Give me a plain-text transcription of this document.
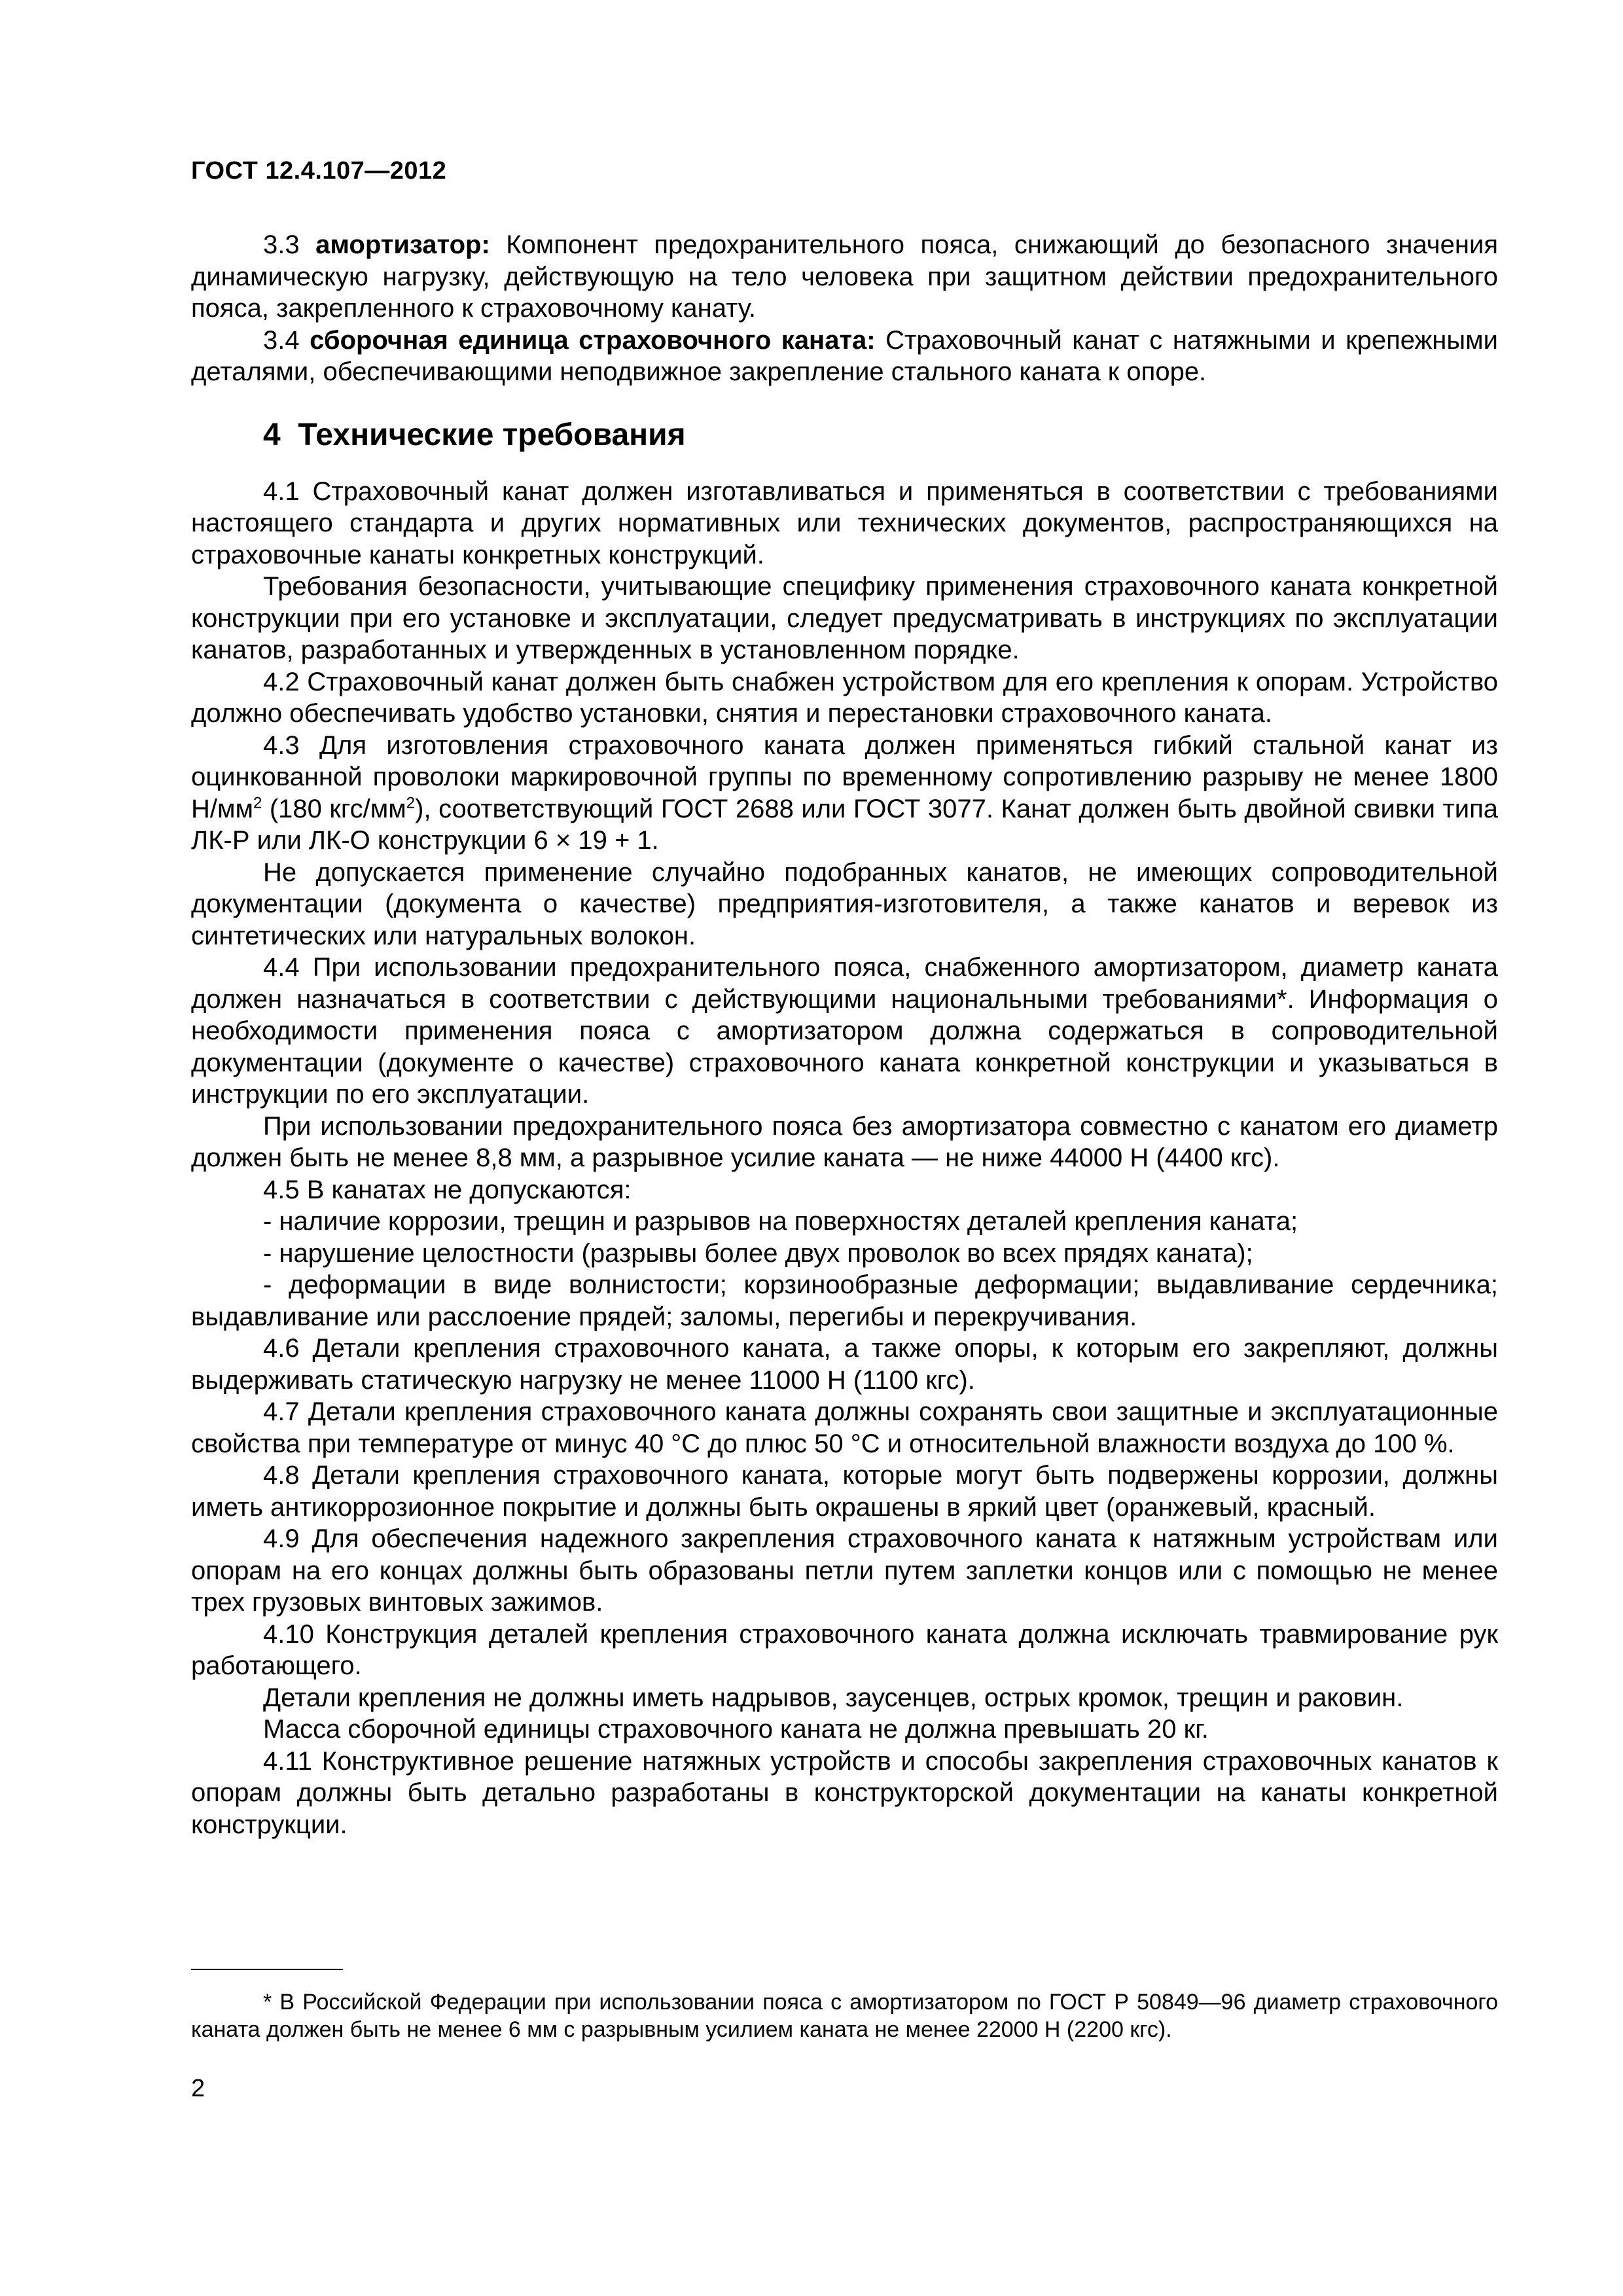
ГОСТ 12.4.107—2012

3.3 амортизатор: Компонент предохранительного пояса, снижающий до безопасного значения динамическую нагрузку, действующую на тело человека при защитном действии предохранительного пояса, закрепленного к страховочному канату.

3.4 сборочная единица страховочного каната: Страховочный канат с натяжными и крепежными деталями, обеспечивающими неподвижное закрепление стального каната к опоре.

4 Технические требования

4.1 Страховочный канат должен изготавливаться и применяться в соответствии с требованиями настоящего стандарта и других нормативных или технических документов, распространяющихся на страховочные канаты конкретных конструкций.

Требования безопасности, учитывающие специфику применения страховочного каната конкретной конструкции при его установке и эксплуатации, следует предусматривать в инструкциях по эксплуатации канатов, разработанных и утвержденных в установленном порядке.

4.2 Страховочный канат должен быть снабжен устройством для его крепления к опорам. Устройство должно обеспечивать удобство установки, снятия и перестановки страховочного каната.

4.3 Для изготовления страховочного каната должен применяться гибкий стальной канат из оцинкованной проволоки маркировочной группы по временному сопротивлению разрыву не менее 1800 $Н/мм^2$ (180 кгс/$мм^2$), соответствующий ГОСТ 2688 или ГОСТ 3077. Канат должен быть двойной свивки типа ЛК-Р или ЛК-О конструкции 6 × 19 + 1.

Не допускается применение случайно подобранных канатов, не имеющих сопроводительной документации (документа о качестве) предприятия-изготовителя, а также канатов и веревок из синтетических или натуральных волокон.

4.4 При использовании предохранительного пояса, снабженного амортизатором, диаметр каната должен назначаться в соответствии с действующими национальными требованиями*. Информация о необходимости применения пояса с амортизатором должна содержаться в сопроводительной документации (документе о качестве) страховочного каната конкретной конструкции и указываться в инструкции по его эксплуатации.

При использовании предохранительного пояса без амортизатора совместно с канатом его диаметр должен быть не менее 8,8 мм, а разрывное усилие каната — не ниже 44000 Н (4400 кгс).

4.5 В канатах не допускаются:

- наличие коррозии, трещин и разрывов на поверхностях деталей крепления каната;

- нарушение целостности (разрывы более двух проволок во всех прядях каната);

- деформации в виде волнистости; корзинообразные деформации; выдавливание сердечника; выдавливание или расслоение прядей; заломы, перегибы и перекручивания.

4.6 Детали крепления страховочного каната, а также опоры, к которым его закрепляют, должны выдерживать статическую нагрузку не менее 11000 Н (1100 кгс).

4.7 Детали крепления страховочного каната должны сохранять свои защитные и эксплуатационные свойства при температуре от минус 40 °С до плюс 50 °С и относительной влажности воздуха до 100 %.

4.8 Детали крепления страховочного каната, которые могут быть подвержены коррозии, должны иметь антикоррозионное покрытие и должны быть окрашены в яркий цвет (оранжевый, красный.

4.9 Для обеспечения надежного закрепления страховочного каната к натяжным устройствам или опорам на его концах должны быть образованы петли путем заплетки концов или с помощью не менее трех грузовых винтовых зажимов.

4.10 Конструкция деталей крепления страховочного каната должна исключать травмирование рук работающего.

Детали крепления не должны иметь надрывов, заусенцев, острых кромок, трещин и раковин.

Масса сборочной единицы страховочного каната не должна превышать 20 кг.

4.11 Конструктивное решение натяжных устройств и способы закрепления страховочных канатов к опорам должны быть детально разработаны в конструкторской документации на канаты конкретной конструкции.

* В Российской Федерации при использовании пояса с амортизатором по ГОСТ Р 50849—96 диаметр страховочного каната должен быть не менее 6 мм с разрывным усилием каната не менее 22000 Н (2200 кгс).

2
